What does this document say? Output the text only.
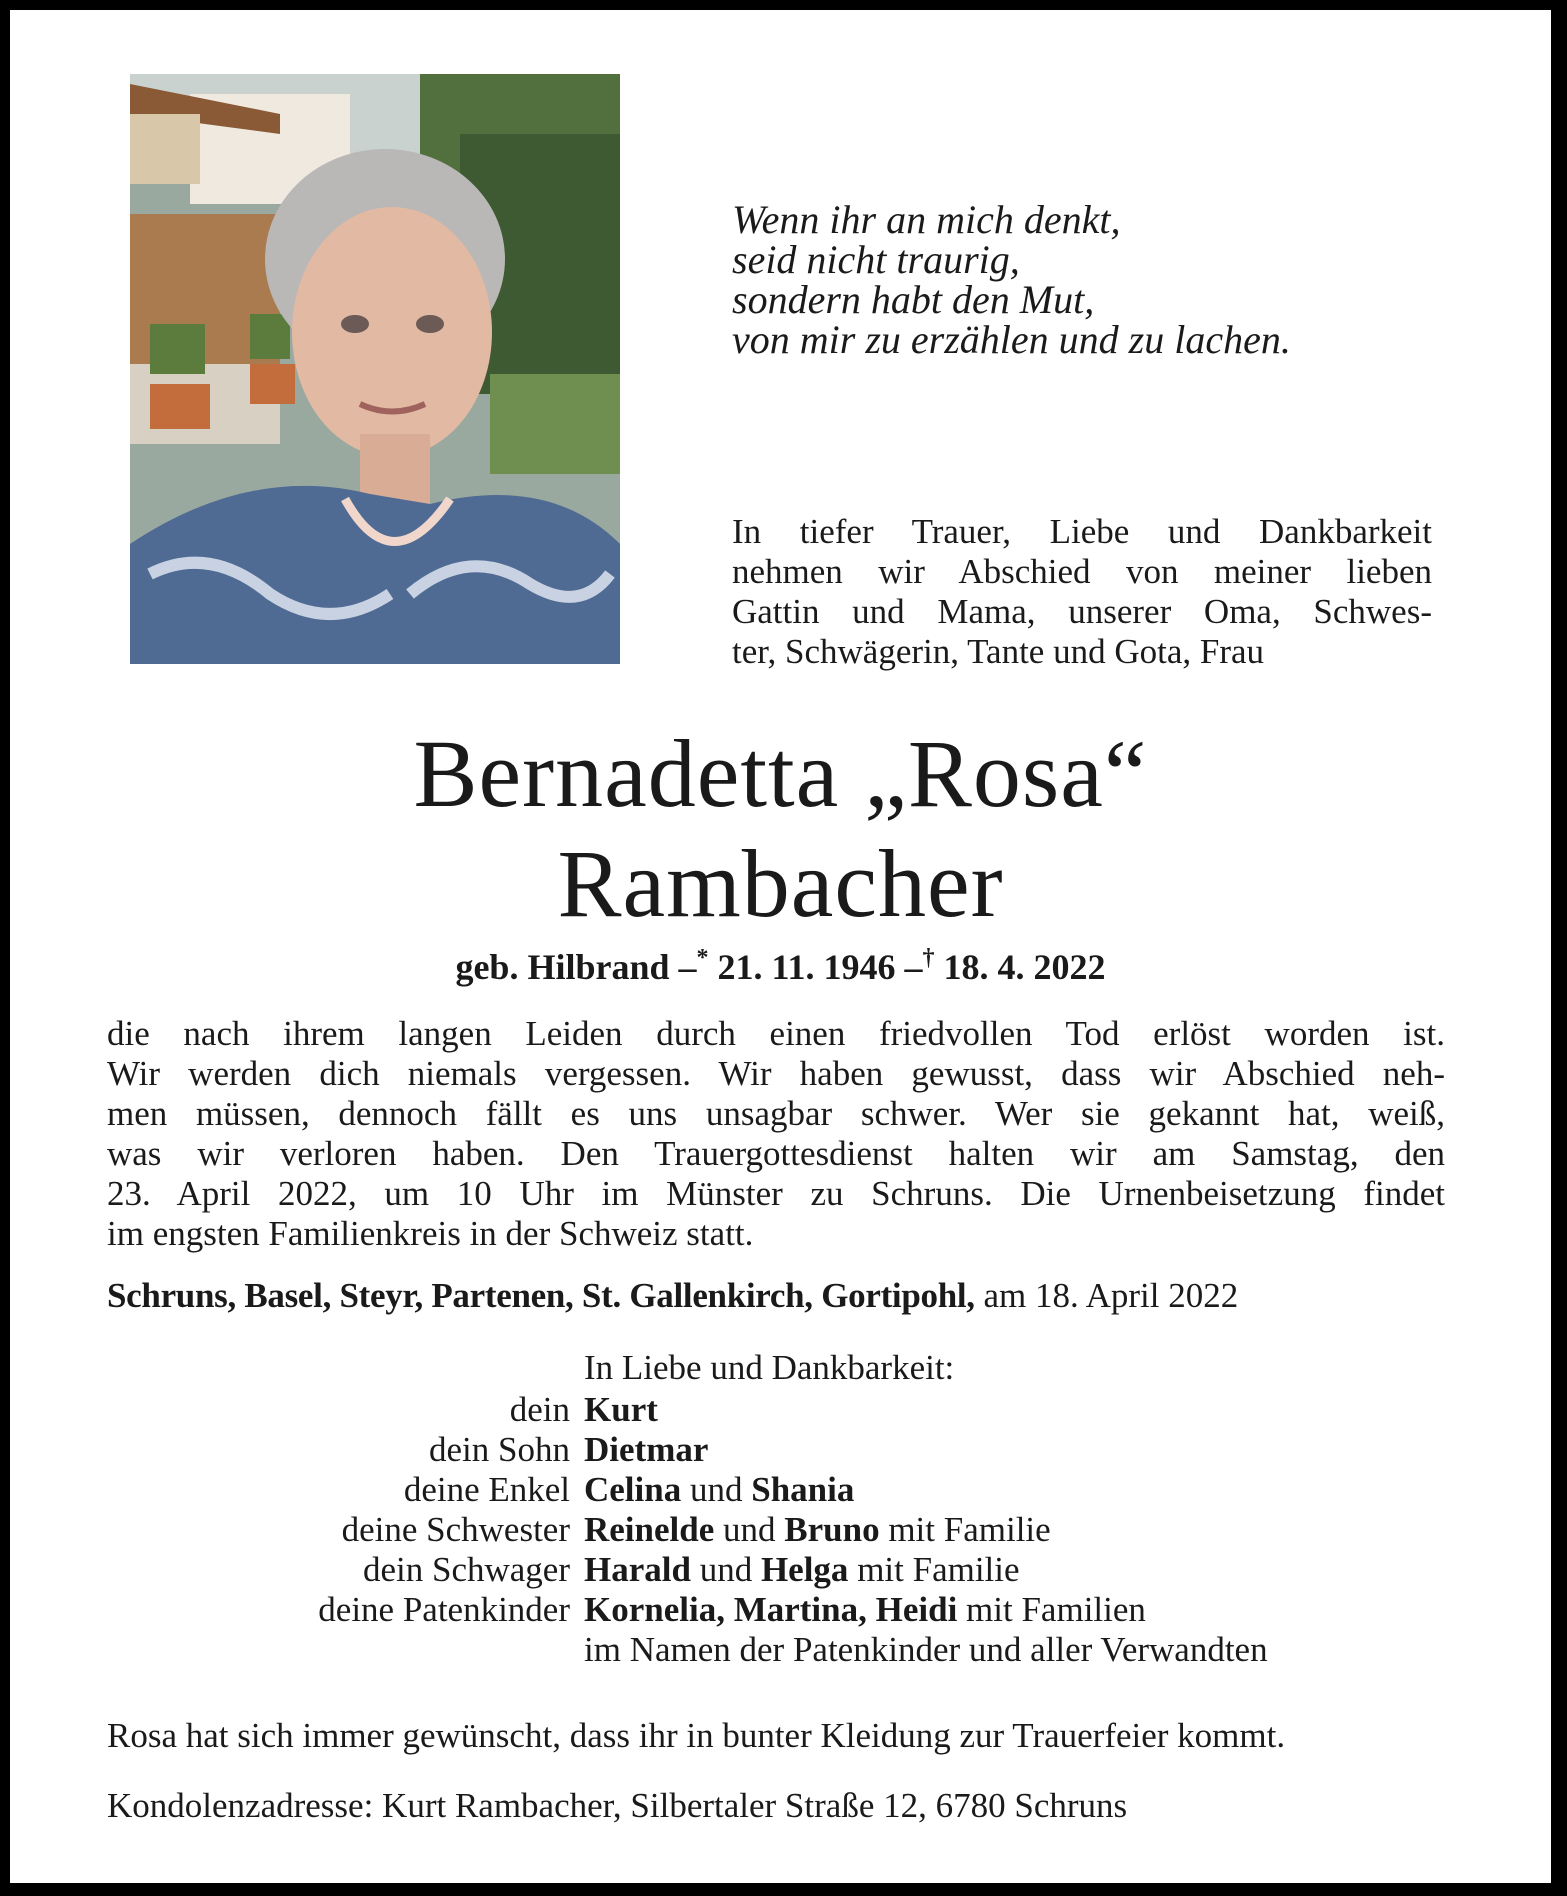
Wenn ihr an mich denkt,
seid nicht traurig,
sondern habt den Mut,
von mir zu erzählen und zu lachen.
In tiefer Trauer, Liebe und Dankbarkeit
nehmen wir Abschied von meiner lieben
Gattin und Mama, unserer Oma, Schwes-
ter, Schwägerin, Tante und Gota, Frau
Bernadetta „Rosa“
Rambacher
geb. Hilbrand –* 21. 11. 1946 –† 18. 4. 2022
die nach ihrem langen Leiden durch einen friedvollen Tod erlöst worden ist.
Wir werden dich niemals vergessen. Wir haben gewusst, dass wir Abschied neh-
men müssen, dennoch fällt es uns unsagbar schwer. Wer sie gekannt hat, weiß,
was wir verloren haben. Den Trauergottesdienst halten wir am Samstag, den
23. April 2022, um 10 Uhr im Münster zu Schruns. Die Urnenbeisetzung findet
im engsten Familienkreis in der Schweiz statt.
Schruns, Basel, Steyr, Partenen, St. Gallenkirch, Gortipohl, am 18. April 2022
In Liebe und Dankbarkeit:
dein Kurt
dein Sohn Dietmar
deine Enkel Celina und Shania
deine Schwester Reinelde und Bruno mit Familie
dein Schwager Harald und Helga mit Familie
deine Patenkinder Kornelia, Martina, Heidi mit Familien
im Namen der Patenkinder und aller Verwandten
Rosa hat sich immer gewünscht, dass ihr in bunter Kleidung zur Trauerfeier kommt.
Kondolenzadresse: Kurt Rambacher, Silbertaler Straße 12, 6780 Schruns
